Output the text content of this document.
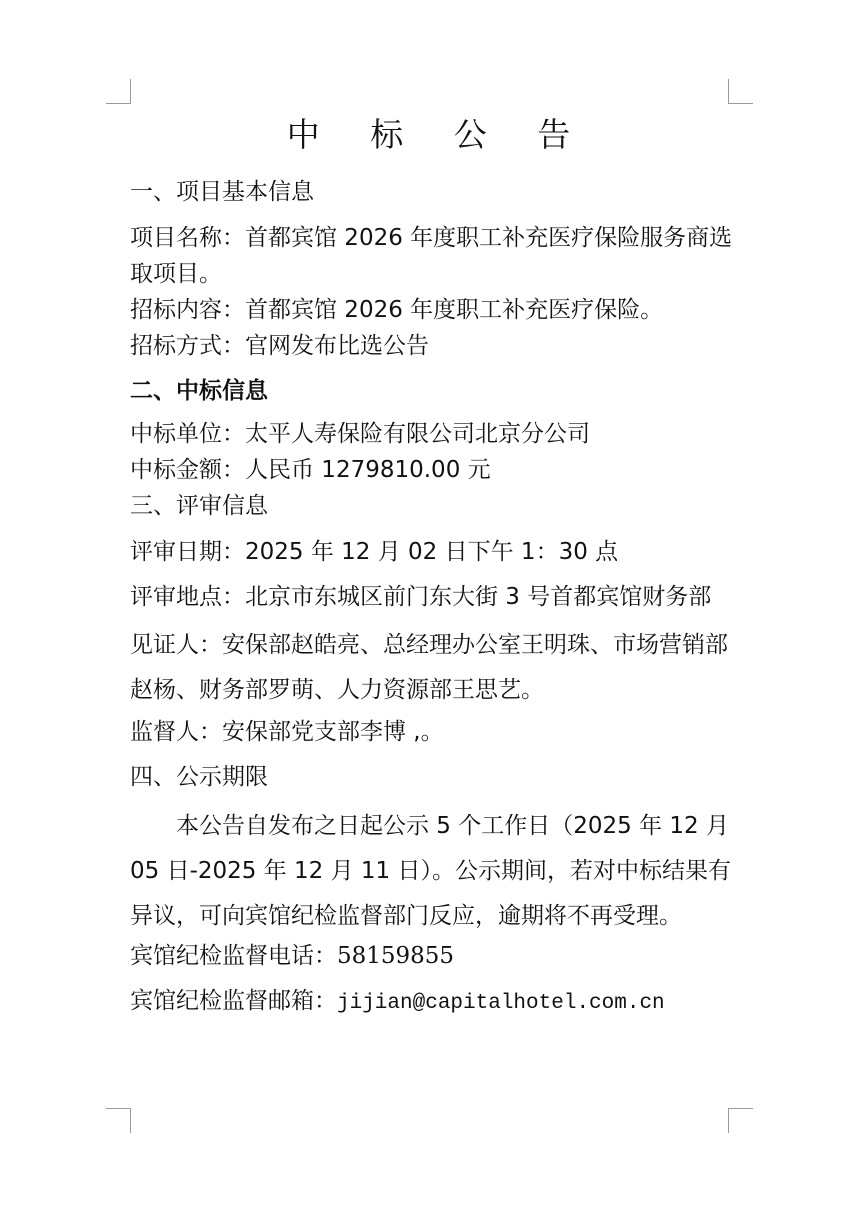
中 标 公 告
一、项目基本信息
项目名称：首都宾馆 2026 年度职工补充医疗保险服务商选取项目。
招标内容：首都宾馆 2026 年度职工补充医疗保险。
招标方式：官网发布比选公告
二、中标信息
中标单位：太平人寿保险有限公司北京分公司
中标金额：人民币 1279810.00 元
三、评审信息
评审日期：2025 年 12 月 02 日下午 1：30 点
评审地点：北京市东城区前门东大街 3 号首都宾馆财务部
见证人：安保部赵皓亮、总经理办公室王明珠、市场营销部赵杨、财务部罗萌、人力资源部王思艺。
监督人：安保部党支部李博 ,。
四、公示期限
本公告自发布之日起公示 5 个工作日（2025 年 12 月 05 日-2025 年 12 月 11 日）。公示期间，若对中标结果有异议，可向宾馆纪检监督部门反应，逾期将不再受理。
宾馆纪检监督电话：58159855
宾馆纪检监督邮箱：jijian@capitalhotel.com.cn
